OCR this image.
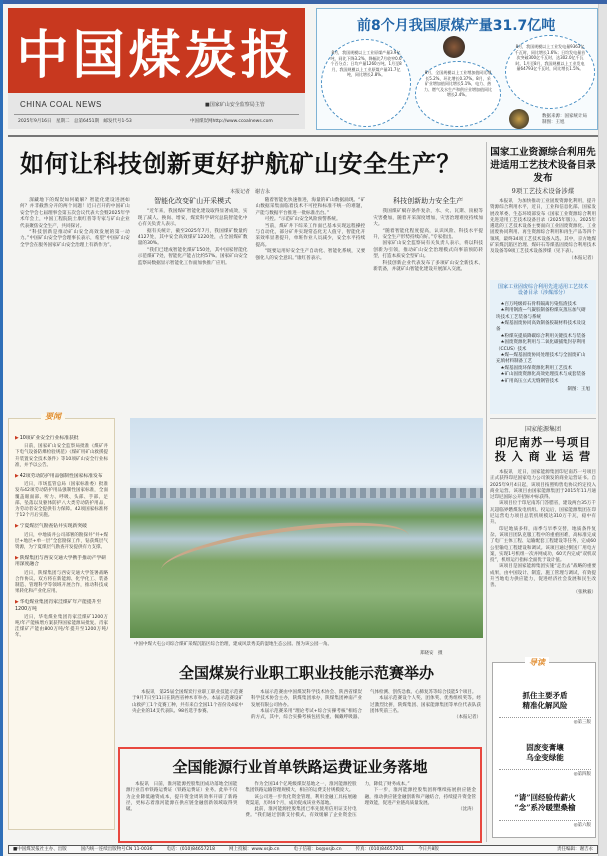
中国煤炭报
CHINA COAL NEWS	■国家矿山安全监察局主管
2025年9月16日　星期二　总第6451期　邮发代号1-53	中国煤炭网http://www.ccoalnews.com
前8个月我国原煤产量31.7亿吨
8月，我国规模以上工业原煤产量3.9亿吨，同比下降3.2%，降幅比7月收窄0.6个百分点；日均产量1260万吨。1月至8月，我国规模以上工业原煤产量31.7亿吨，同比增长2.8%。	8月，全国规模以上工业增加值同比增长5.2%，环比增长0.37%。8月，采矿业增加值同比增长5.1%，电力、热力、燃气及水生产和供应业增加值同比增长2.4%。
8月，我国规模以上工业发电量9363亿千瓦时，同比增长1.6%；日均发电量首次突破300亿千瓦时，达302.0亿千瓦时。1月至8月，我国规模以上工业发电量64793亿千瓦时，同比增长1.5%。
数据来源：国家统计局
制图：王旭
如何让科技创新更好护航矿山安全生产？
本报记者　谢吉永

深藏地下的煤炭如何破解？智能化建设进展如何？并非截然分开的两个问题！近日召开的中国矿山安全学会七届理事会第五次会议代表大会暨2025年学术年会上，中国工程院院士康红普等专家与矿山企业代表聚焦安全生产，共同探讨。

“科技创新是推动矿山安全高效发展的第一动力。”中国矿山安全学会理事长表示，希望“中国矿山安全学会在服务国家矿山安全治理上有新作为”。

智能化改变矿山开采模式

“近年来，我国煤矿智能化建设取得显著成效，实现了减人、换岗、增安，煤炭科学研究总院智能化中心有关负责人表示。

据有关统计，截至2025年7月，我国煤矿数量约4127处，其中安全高效煤矿1220处，占全国煤矿数量的30%。

“我们已建成智能化煤矿150处，其中国家智能化示范煤矿7处，智能化产能占比约57%。国家矿山安全监察局数据显示智能化工作面加快推广应用。

随着智能化快速推进，海量的矿山数据涌现。“矿山数据采集面临着技术不可控和标准不统一的难题，产能与数据平台推进一批标准出台。”

可控。“示范矿山安全风险预警系统。

当前，煤矿井下综采工作面已基本实现远程操控与自动化，部分矿井实现常态化无人值守，智能化开采效率显著提升，单班作业人员减少，安全水平持续提高。

“既要运用好安全生产自动化、智能化系统，又要强化人的安全意识。”康红普表示。

科技创新助力安全生产

我国煤矿赋存条件复杂，水、火、瓦斯、顶板等灾害叠加，随着开采深度增加，灾害治理难度持续加大。

“随着智能化程度提高，认识风险、科技水平提升，安全生产形势持续向好。”专家指出。

国家矿山安全监察局有关负责人表示，将以科技创新为引领，推动矿山安全治理模式向事前预防转型，打造本质安全型矿山。

科技创新企业代表发布了多项矿山安全新技术、新装备，并就矿山智能化建设开展深入交流。

国家工业资源综合利用先进适用工艺技术设备目录发布
9项工艺技术设备涉煤

本报讯　为加快推动工业固废资源化利用，提升资源综合利用水平，近日，工业和信息化部、国家发展改革委、生态环境部发布《国家工业资源综合利用先进适用工艺技术设备目录（2025年版）》。2025年遴选的工艺技术设备主要面向工业固废资源化、工业固废协同利用、再生资源综合利用和再生产品等四个领域，最终34项工艺技术设备入选。其中，京方地煤矿采煤沉陷区治理、煤矸石等煤基固废综合利用技术及设备等9项工艺技术设备涉煤（见下表）。

（本报记者）
国家工业固废综合利用先进适用工艺技术设备目录（涉煤部分）
★百万吨级碎石骨料隔离污染焦渣技术
★利用钢渣—气凝胶制备粉煤灰蒸压加气砌块技术工艺装备与系统
★煤基固废协同高效制备胶凝材料技术及设备
★粉煤灰提质降碳综合利用关键技术与装备
★固废资源化利用与二氧化碳捕集封存利用（CCUS）技术
★煤—煤基固废协同处理技术与全固废矿山充填材料制备工艺
★煤基固废环保资源化利用工艺技术
★矿山固废资源化高效处理技术与成套装备
★矿用高压立式无缝钢管技术
制图：王旭
国家能源集团
印尼南苏一号项目
投 入 商 业 运 营

本报讯　近日，国家能源集团印尼南苏一号项目正式获得印尼国家电力公司颁发的商业运营证书。自2025年9月4日起，该项目按照购售电协议约定投入商业运营。该项目由国家能源集团于2015年11月通过印尼国际公开招标中标获得。

该项目位于印尼南苏门答腊省，建设两台35万千瓦超临界燃煤发电机组。投运后，国家能源集团在印尼运营电力项目总装机规模达310万千瓦，稳中有升。

印尼地质多样，雨季与旱季交替，地质条件复杂。该项目团队克服工程中的重重困难，高标准完成了电厂主体工程、运输配套工程建设等任务，完成60公里输电工程建设和调试。该项目通过倒送厂用电方案，实现1号机组一次并网成功，60天内完成“双机双投”，机组运行指标全面优于设计值。

该项目是国家能源集团实施“走出去”战略的重要成果，由中国设计、制造、施工管理与调试，有效提升当地电力供应能力，促进经济社会发展和民生改善。

（张秋毅）
导读
抓住主要矛盾
精准化解风险
◎第三版
固废变膏壤
乌金变绿能
◎第四版
“请”回经验传薪火
“念”系冷暖塑桑榆
◎第六版
要闻
▶ 10项矿业安全行业标准获批

日前，国家矿山安全监察局批准《煤矿井下电气设备防爆检验规范》《煤矿用矿山救援提升装置安全技术条件》等10项矿山安全行业标准，并予以公告。

▶ 42项劳动防护用品强制性国家标准发布

近日，市场监管总局（国家标准委）批准发布42项劳动防护用品强制性国家标准，全面覆盖眼面部、听力、呼吸、头部、手部、足部、坠落以及躯体防护八大类劳动防护用品，为劳动者安全提供有力保障。42项国家标准将于12个月后实施。

▶ 宁夏煤层气勘查钻井实现新突破

近日，中地质井公司部署的勘探井“井+煤层+地层+单一层”全套勘探工作，钻获煤层气资源，为宁夏煤层气勘查开发提供有力支撑。

▶ 陕煤集团与西安交通大学携手推动产学研用深度融合

近日，陕煤集团与西安交通大学签署战略合作协议。双方将在新能源、化学化工、装备制造、管理科学等领域开展合作，推动科技成果转化和产业化应用。

▶ 华电煤业集团肖家洼煤矿年产能提升至1200万吨

近日，华电煤业集团肖家洼煤矿1200万吨/年产能核增方案获得国家能源局批复。肖家洼煤矿产能由800万吨/年提升至1200万吨/年。

中国中煤大屯公司综合煤矿采煤沉陷区综合治理，建成风景秀美的湿地生态公园。图为该公园一角。
郑晓安　摄
全国煤炭行业职工职业技能示范赛举办

本报讯　第25届全国煤炭行业职工职业技能示范赛于9月7日至11日在陕西省神木市举办。本届示范赛设矿山救护工1个竞赛工种，共有来自全国11个省份及4家中央企业的14支代表队、98名选手参赛。

本届示范赛由中国煤炭科学技术协会、陕西省煤炭科学技术协会主办，陕煤集团承办，陕煤集团神南产业发展有限公司协办。

本届示范赛采用“理论考试+综合实操考核”相结合的方式，其中，综合实操考核包括负重、佩戴呼吸器、气体检测、创伤急救、心肺复苏等综合技能5个项目。

本届示范赛设个人奖、团体奖、优秀组织奖等。经过激烈比拼，陕煤集团、国家能源集团等单位代表队获团体奖前三名。

（本报记者）
全国能源行业首单铁路运费证业务落地

本报讯　日前，淮河能源控股集团成功落地全国能源行业首单铁路运费证（铁路运费证）业务。此举不仅为企业降低融资成本，提升资金周转效率开辟了新路径，更标志着淮河能源在供应链金融创新领域取得突破。

作为全国14个亿吨级煤炭基地之一，淮河能源控股集团铁路运输管理规模大，相应的运费支付规模庞大。

该公司进一步优化资金管理，利用金融工具拓展融资渠道，历时4个月，成功促成该业务落地。

此前，淮河能源控股集团已率先使用信用证支付电费。“我们通过创新支付模式，有效缓解了企业资金压力，降低了财务成本。”

下一步，淮河能源控股集团将继续拓展供应链金融，推动供应链金融创新和产融结合，持续提升资金管理效能，促进产业链高质量发展。

（沈涛）
■中国煤炭报社主办、出版	国内统一连续出版物号CN 11-0036	电话：(010)84657218	网上投稿：www.xsjb.cn	电子信箱：bs@xsjb.cn	传真：(010)84657201	今日共8版	责任编辑：谢吉永
